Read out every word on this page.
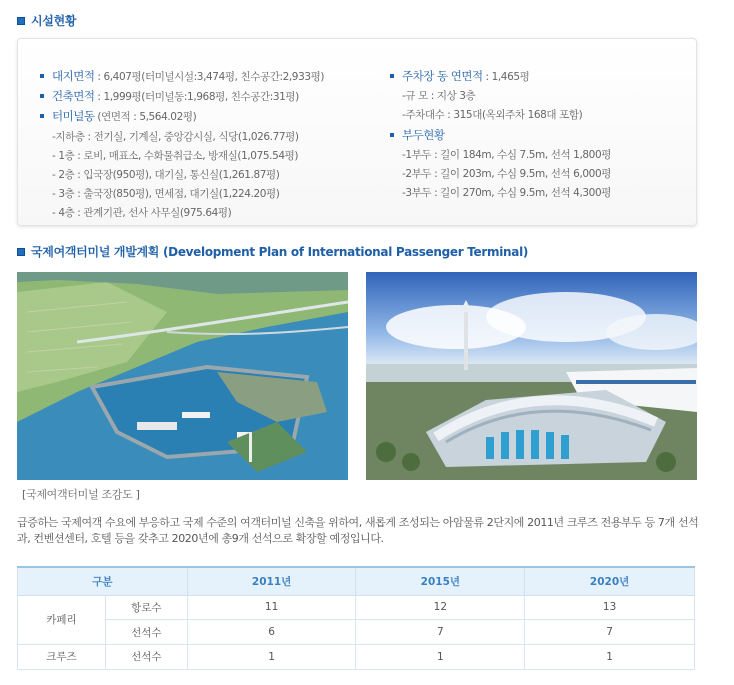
시설현황
대지면적 : 6,407평(터미널시설:3,474평, 친수공간:2,933평)
건축면적 : 1,999평(터미널동:1,968평, 친수공간:31평)
터미널동 (연면적 : 5,564.02평)
-지하층 : 전기실, 기계실, 중앙감시실, 식당(1,026.77평)
- 1층 : 로비, 매표소, 수화물취급소, 방재실(1,075.54평)
- 2층 : 입국장(950평), 대기실, 통신실(1,261.87평)
- 3층 : 출국장(850평), 면세점, 대기실(1,224.20평)
- 4층 : 관계기관, 선사 사무실(975.64평)
주차장 동 연면적 : 1,465평
-규 모 : 지상 3층
-주차대수 : 315대(옥외주차 168대 포함)
부두현황
-1부두 : 길이 184m, 수심 7.5m, 선석 1,800평
-2부두 : 길이 203m, 수심 9.5m, 선석 6,000평
-3부두 : 길이 270m, 수심 9.5m, 선석 4,300평
국제여객터미널 개발계획 (Development Plan of International Passenger Terminal)
[국제여객터미널 조감도 ]
급증하는 국제여객 수요에 부응하고 국제 수준의 여객터미널 신축을 위하여, 새롭게 조성되는 아암물류 2단지에 2011년 크루즈 전용부두 등 7개 선석과, 컨벤션센터, 호텔 등을 갖추고 2020년에 총9개 선석으로 확장할 예정입니다.
구분		2011년	2015년	2020년
카페리	항로수	11	12	13
	선석수	6	7	7
크루즈	선석수	1	1	1
